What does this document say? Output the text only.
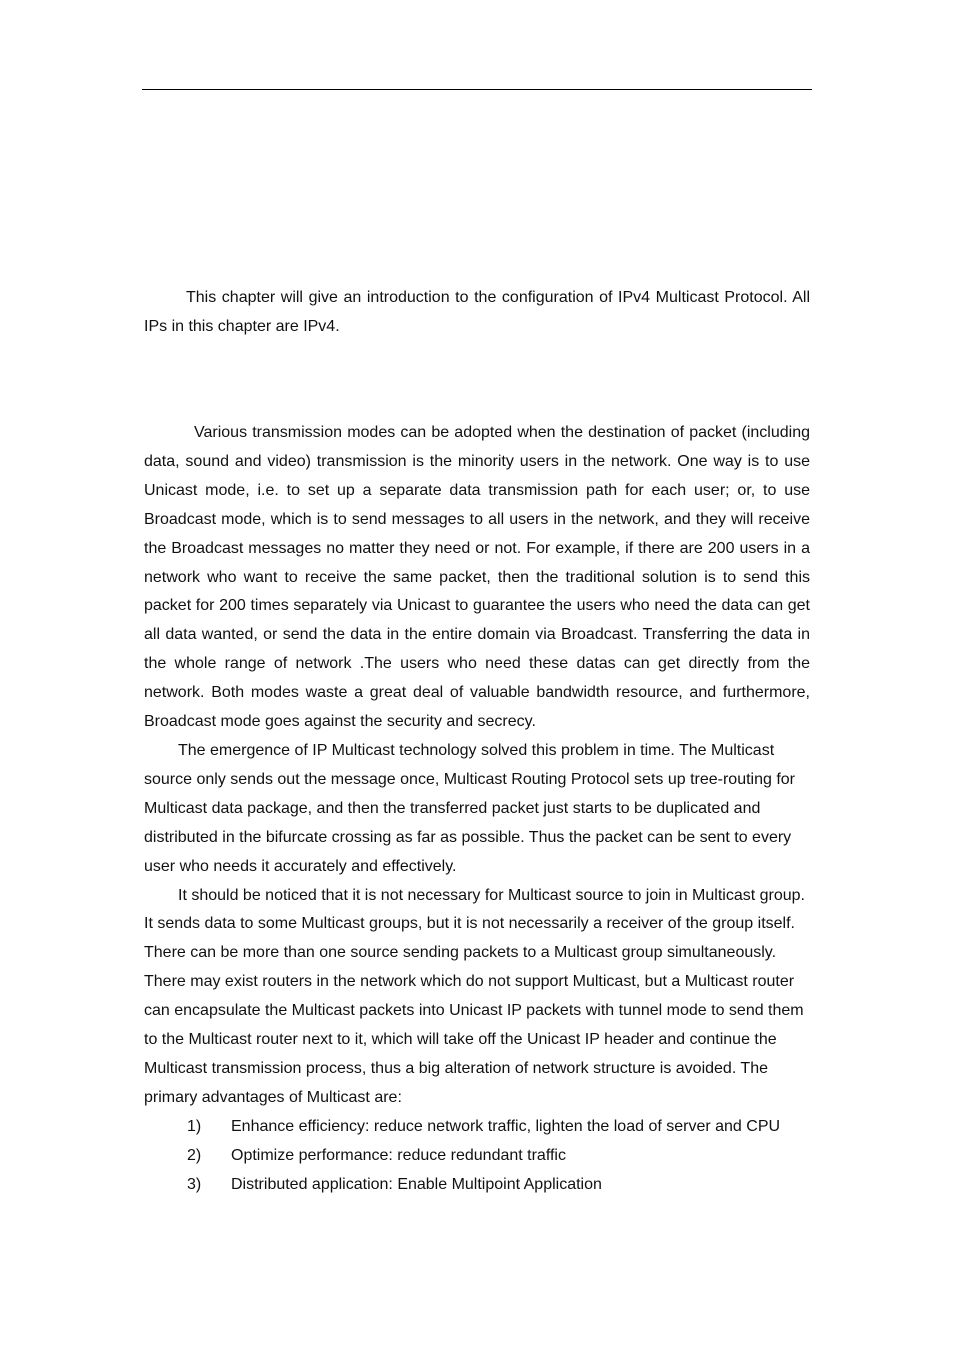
This chapter will give an introduction to the configuration of IPv4 Multicast Protocol. All IPs in this chapter are IPv4.

Various transmission modes can be adopted when the destination of packet (including data, sound and video) transmission is the minority users in the network. One way is to use Unicast mode, i.e. to set up a separate data transmission path for each user; or, to use Broadcast mode, which is to send messages to all users in the network, and they will receive the Broadcast messages no matter they need or not. For example, if there are 200 users in a network who want to receive the same packet, then the traditional solution is to send this packet for 200 times separately via Unicast to guarantee the users who need the data can get all data wanted, or send the data in the entire domain via Broadcast. Transferring the data in the whole range of network .The users who need these datas can get directly from the network. Both modes waste a great deal of valuable bandwidth resource, and furthermore, Broadcast mode goes against the security and secrecy.

The emergence of IP Multicast technology solved this problem in time. The Multicast source only sends out the message once, Multicast Routing Protocol sets up tree-routing for Multicast data package, and then the transferred packet just starts to be duplicated and distributed in the bifurcate crossing as far as possible. Thus the packet can be sent to every user who needs it accurately and effectively.

It should be noticed that it is not necessary for Multicast source to join in Multicast group. It sends data to some Multicast groups, but it is not necessarily a receiver of the group itself. There can be more than one source sending packets to a Multicast group simultaneously. There may exist routers in the network which do not support Multicast, but a Multicast router can encapsulate the Multicast packets into Unicast IP packets with tunnel mode to send them to the Multicast router next to it, which will take off the Unicast IP header and continue the Multicast transmission process, thus a big alteration of network structure is avoided. The primary advantages of Multicast are:

1) Enhance efficiency: reduce network traffic, lighten the load of server and CPU
2) Optimize performance: reduce redundant traffic
3) Distributed application: Enable Multipoint Application
